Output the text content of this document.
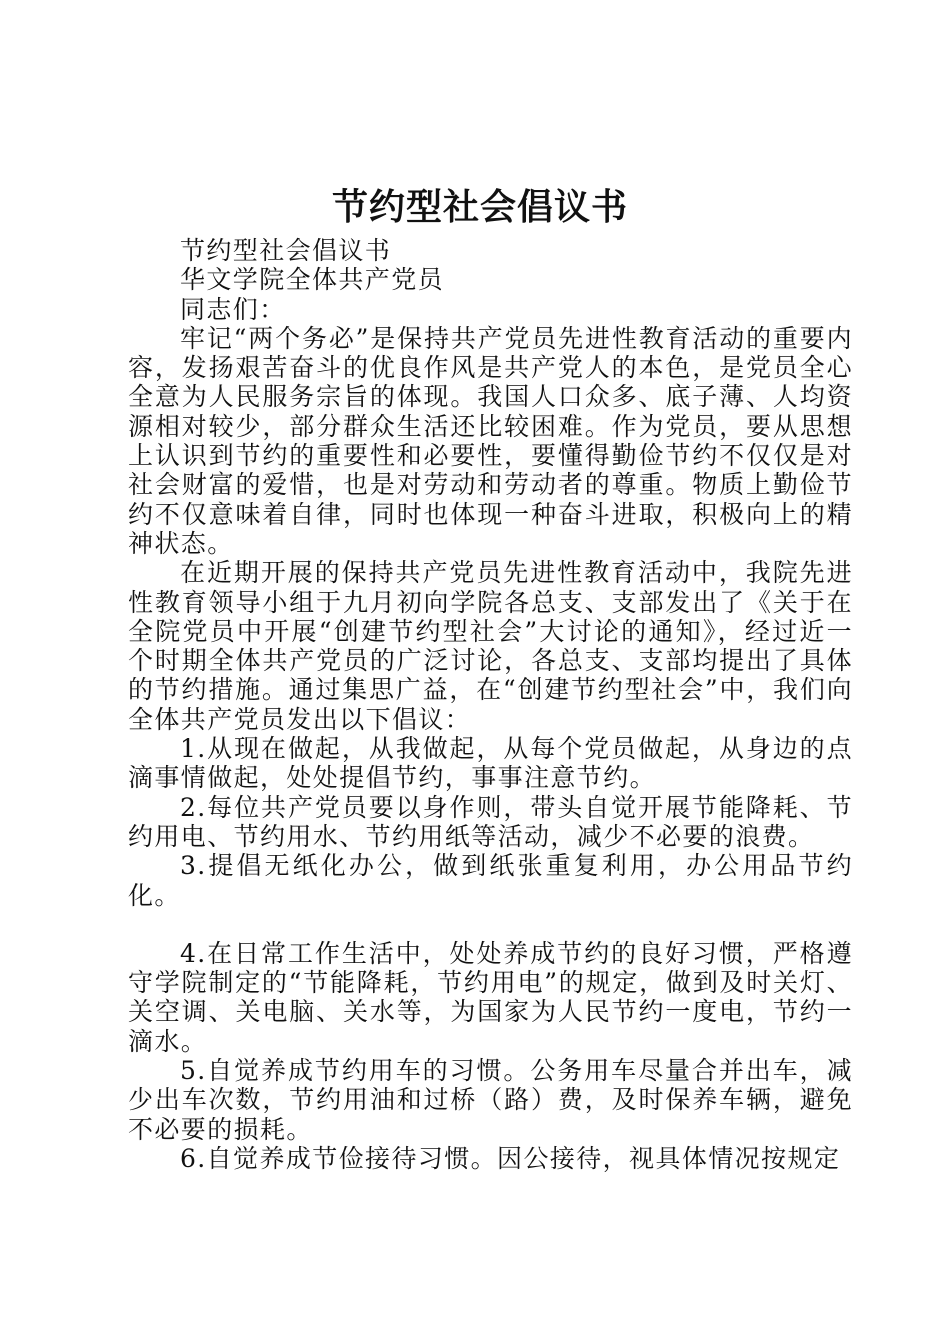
节约型社会倡议书

节约型社会倡议书

华文学院全体共产党员

同志们：

牢记“两个务必”是保持共产党员先进性教育活动的重要内容，发扬艰苦奋斗的优良作风是共产党人的本色，是党员全心全意为人民服务宗旨的体现。我国人口众多、底子薄、人均资源相对较少，部分群众生活还比较困难。作为党员，要从思想上认识到节约的重要性和必要性，要懂得勤俭节约不仅仅是对社会财富的爱惜，也是对劳动和劳动者的尊重。物质上勤俭节约不仅意味着自律，同时也体现一种奋斗进取，积极向上的精神状态。

在近期开展的保持共产党员先进性教育活动中，我院先进性教育领导小组于九月初向学院各总支、支部发出了《关于在全院党员中开展“创建节约型社会”大讨论的通知》，经过近一个时期全体共产党员的广泛讨论，各总支、支部均提出了具体的节约措施。通过集思广益，在“创建节约型社会”中，我们向全体共产党员发出以下倡议：

1.从现在做起，从我做起，从每个党员做起，从身边的点滴事情做起，处处提倡节约，事事注意节约。

2.每位共产党员要以身作则，带头自觉开展节能降耗、节约用电、节约用水、节约用纸等活动，减少不必要的浪费。

3.提倡无纸化办公，做到纸张重复利用，办公用品节约化。

4.在日常工作生活中，处处养成节约的良好习惯，严格遵守学院制定的“节能降耗，节约用电”的规定，做到及时关灯、关空调、关电脑、关水等，为国家为人民节约一度电，节约一滴水。

5.自觉养成节约用车的习惯。公务用车尽量合并出车，减少出车次数，节约用油和过桥（路）费，及时保养车辆，避免不必要的损耗。

6.自觉养成节俭接待习惯。因公接待，视具体情况按规定
